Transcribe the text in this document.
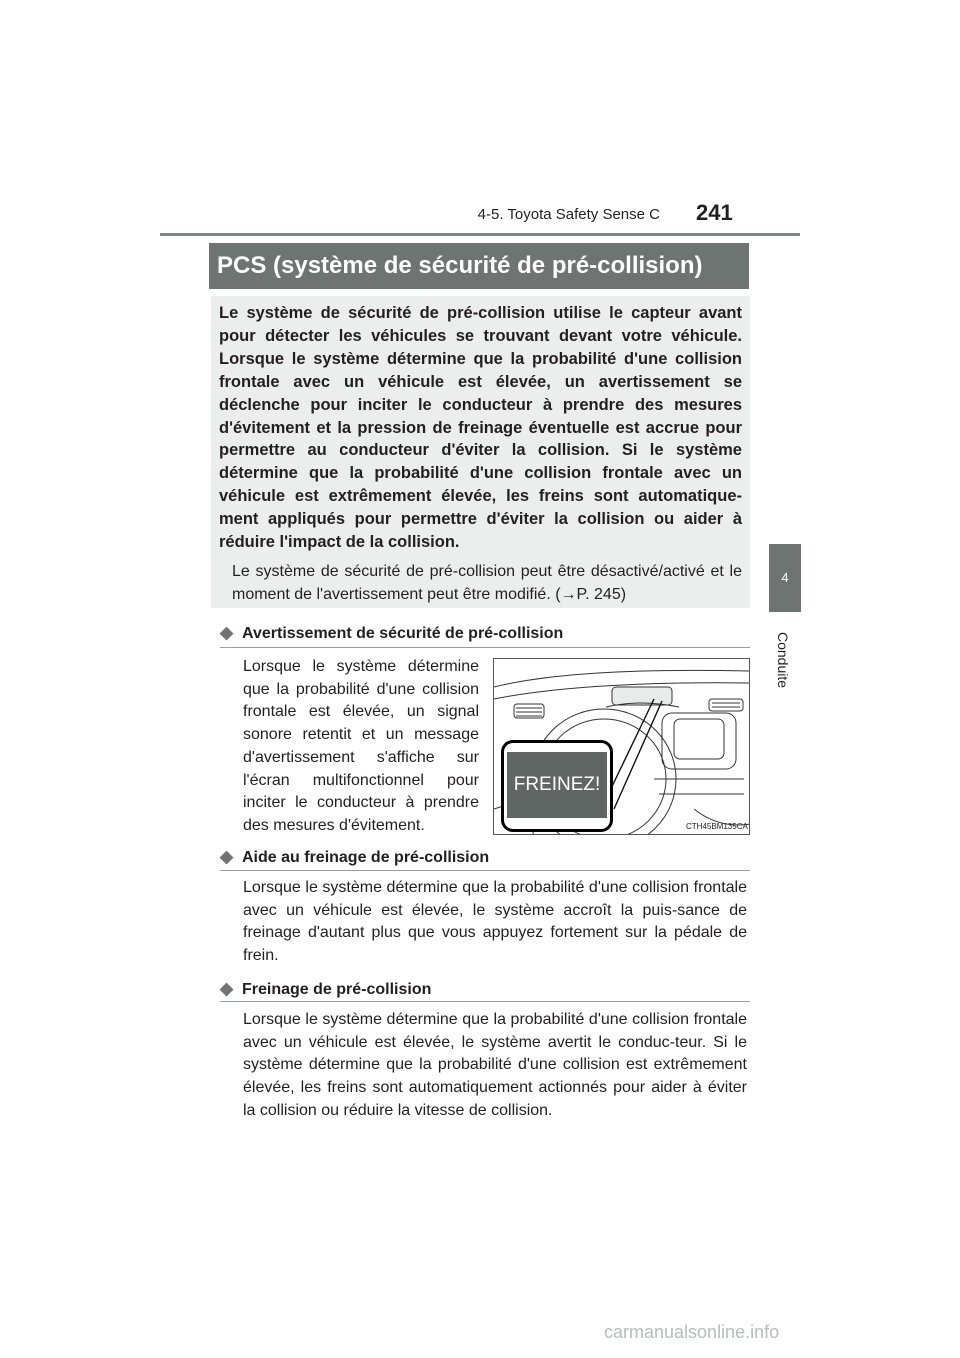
4-5. Toyota Safety Sense C 241
4
Conduite
PCS (système de sécurité de pré-collision)
Le système de sécurité de pré-collision utilise le capteur avant pour détecter les véhicules se trouvant devant votre véhicule. Lorsque le système détermine que la probabilité d'une collision frontale avec un véhicule est élevée, un avertissement se déclenche pour inciter le conducteur à prendre des mesures d'évitement et la pression de freinage éventuelle est accrue pour permettre au conducteur d'éviter la collision. Si le système détermine que la probabilité d'une collision frontale avec un véhicule est extrêmement élevée, les freins sont automatique-ment appliqués pour permettre d'éviter la collision ou aider à réduire l'impact de la collision.
Le système de sécurité de pré-collision peut être désactivé/activé et le moment de l'avertissement peut être modifié. (→P. 245)
◆ Avertissement de sécurité de pré-collision
Lorsque le système détermine que la probabilité d'une collision frontale est élevée, un signal sonore retentit et un message d'avertissement s'affiche sur l'écran multifonctionnel pour inciter le conducteur à prendre des mesures d'évitement.
FREINEZ!
CTH45BM135CA
◆ Aide au freinage de pré-collision
Lorsque le système détermine que la probabilité d'une collision frontale avec un véhicule est élevée, le système accroît la puis-sance de freinage d'autant plus que vous appuyez fortement sur la pédale de frein.
◆ Freinage de pré-collision
Lorsque le système détermine que la probabilité d'une collision frontale avec un véhicule est élevée, le système avertit le conduc-teur. Si le système détermine que la probabilité d'une collision est extrêmement élevée, les freins sont automatiquement actionnés pour aider à éviter la collision ou réduire la vitesse de collision.
carmanualsonline.info
